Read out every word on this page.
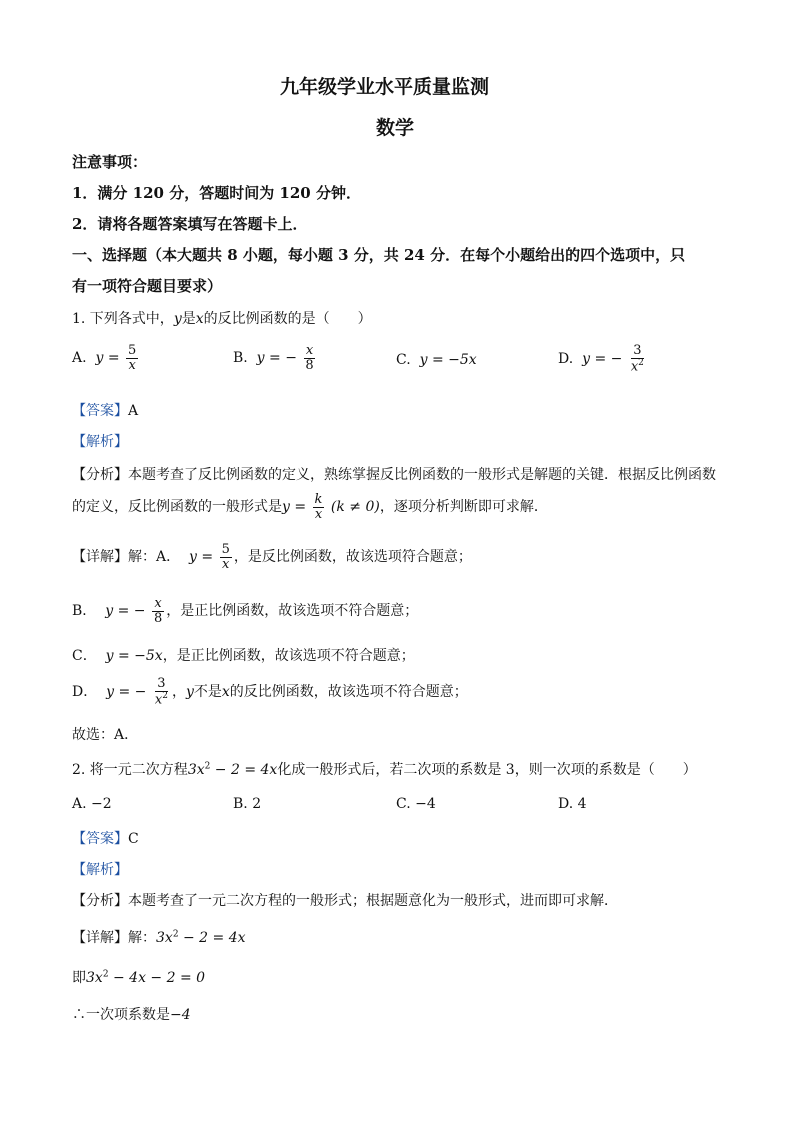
九年级学业水平质量监测
数学
注意事项：
1．满分 120 分，答题时间为 120 分钟．
2．请将各题答案填写在答题卡上．
一、选择题（本大题共 8 小题，每小题 3 分，共 24 分．在每个小题给出的四个选项中，只
有一项符合题目要求）
1. 下列各式中，y是x的反比例函数的是（　　）
A. $y = \frac{5}{x}$	B. y = − $\frac{x}{8}$	C. y = −5x	D. y = − $\frac{3}{x^2}$
【答案】A
【解析】
【分析】本题考查了反比例函数的定义，熟练掌握反比例函数的一般形式是解题的关键．根据反比例函数
的定义，反比例函数的一般形式是$y = \frac{k}{x} (k \ne 0)$，逐项分析判断即可求解．
【详解】解：A． $y = \frac{5}{x}$ ，是反比例函数，故该选项符合题意；
B． y = − $\frac{x}{8}$ ，是正比例函数，故该选项不符合题意；
C． y = −5x，是正比例函数，故该选项不符合题意；
D． y = − $\frac{3}{x^2}$ ，y不是x的反比例函数，故该选项不符合题意；
故选：A．
2. 将一元二次方程$3x^2 - 2 = 4x$化成一般形式后，若二次项的系数是 3，则一次项的系数是（　　）
A. −2	B. 2	C. −4	D. 4
【答案】C
【解析】
【分析】本题考查了一元二次方程的一般形式；根据题意化为一般形式，进而即可求解．
【详解】解：$3x^2 - 2 = 4x$
即$3x^2 - 4x - 2 = 0$
∴一次项系数是−4
